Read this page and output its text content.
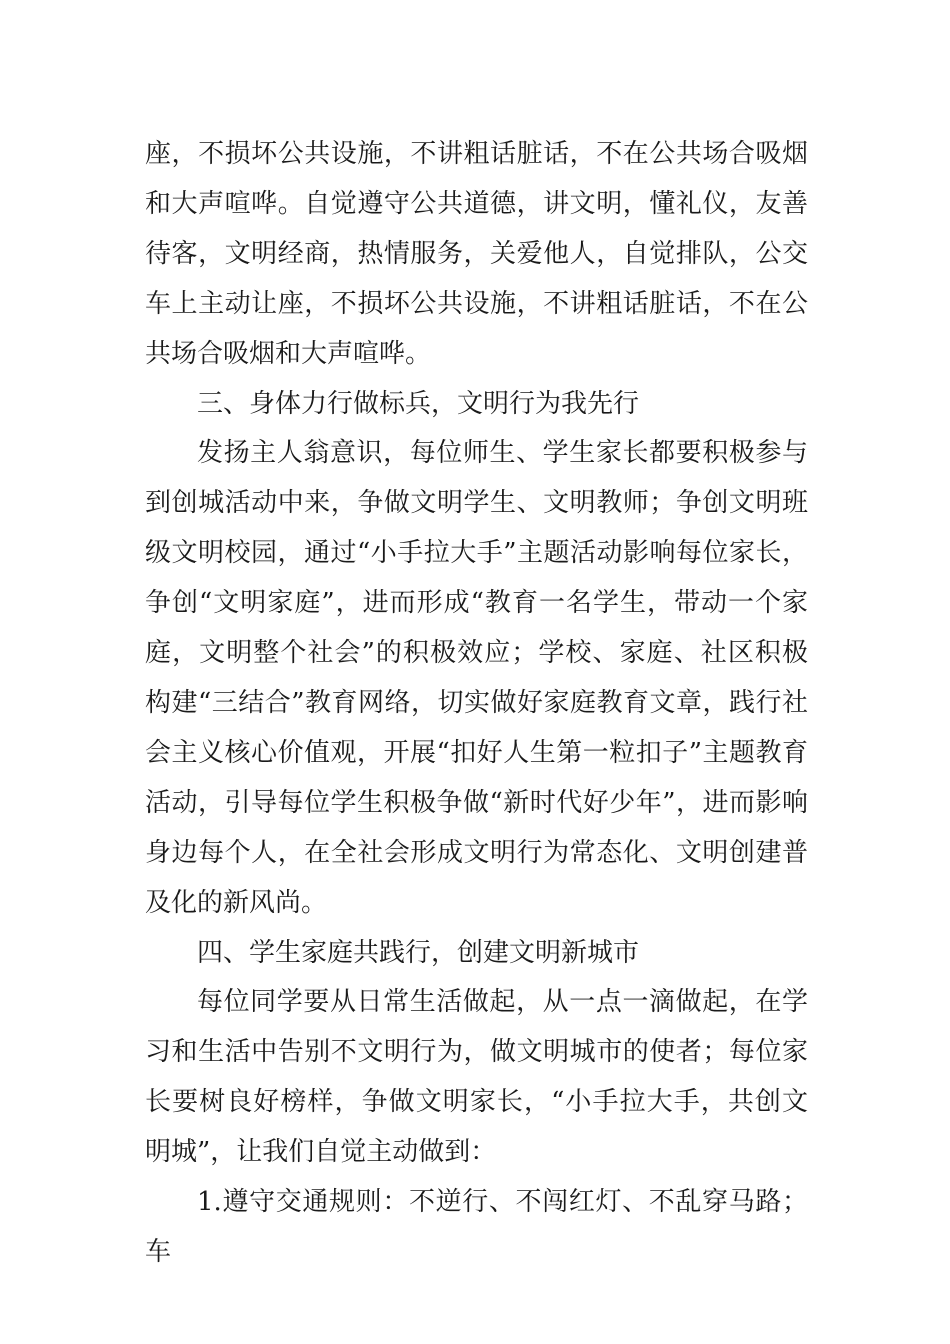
座，不损坏公共设施，不讲粗话脏话，不在公共场合吸烟和大声喧哗。自觉遵守公共道德，讲文明，懂礼仪，友善待客，文明经商，热情服务，关爱他人，自觉排队，公交车上主动让座，不损坏公共设施，不讲粗话脏话，不在公共场合吸烟和大声喧哗。

三、身体力行做标兵，文明行为我先行

发扬主人翁意识，每位师生、学生家长都要积极参与到创城活动中来，争做文明学生、文明教师；争创文明班级文明校园，通过“小手拉大手”主题活动影响每位家长，争创“文明家庭”，进而形成“教育一名学生，带动一个家庭，文明整个社会”的积极效应；学校、家庭、社区积极构建“三结合”教育网络，切实做好家庭教育文章，践行社会主义核心价值观，开展“扣好人生第一粒扣子”主题教育活动，引导每位学生积极争做“新时代好少年”，进而影响身边每个人，在全社会形成文明行为常态化、文明创建普及化的新风尚。

四、学生家庭共践行，创建文明新城市

每位同学要从日常生活做起，从一点一滴做起，在学习和生活中告别不文明行为，做文明城市的使者；每位家长要树良好榜样，争做文明家长，“小手拉大手，共创文明城”，让我们自觉主动做到：

1.遵守交通规则：不逆行、不闯红灯、不乱穿马路；车
